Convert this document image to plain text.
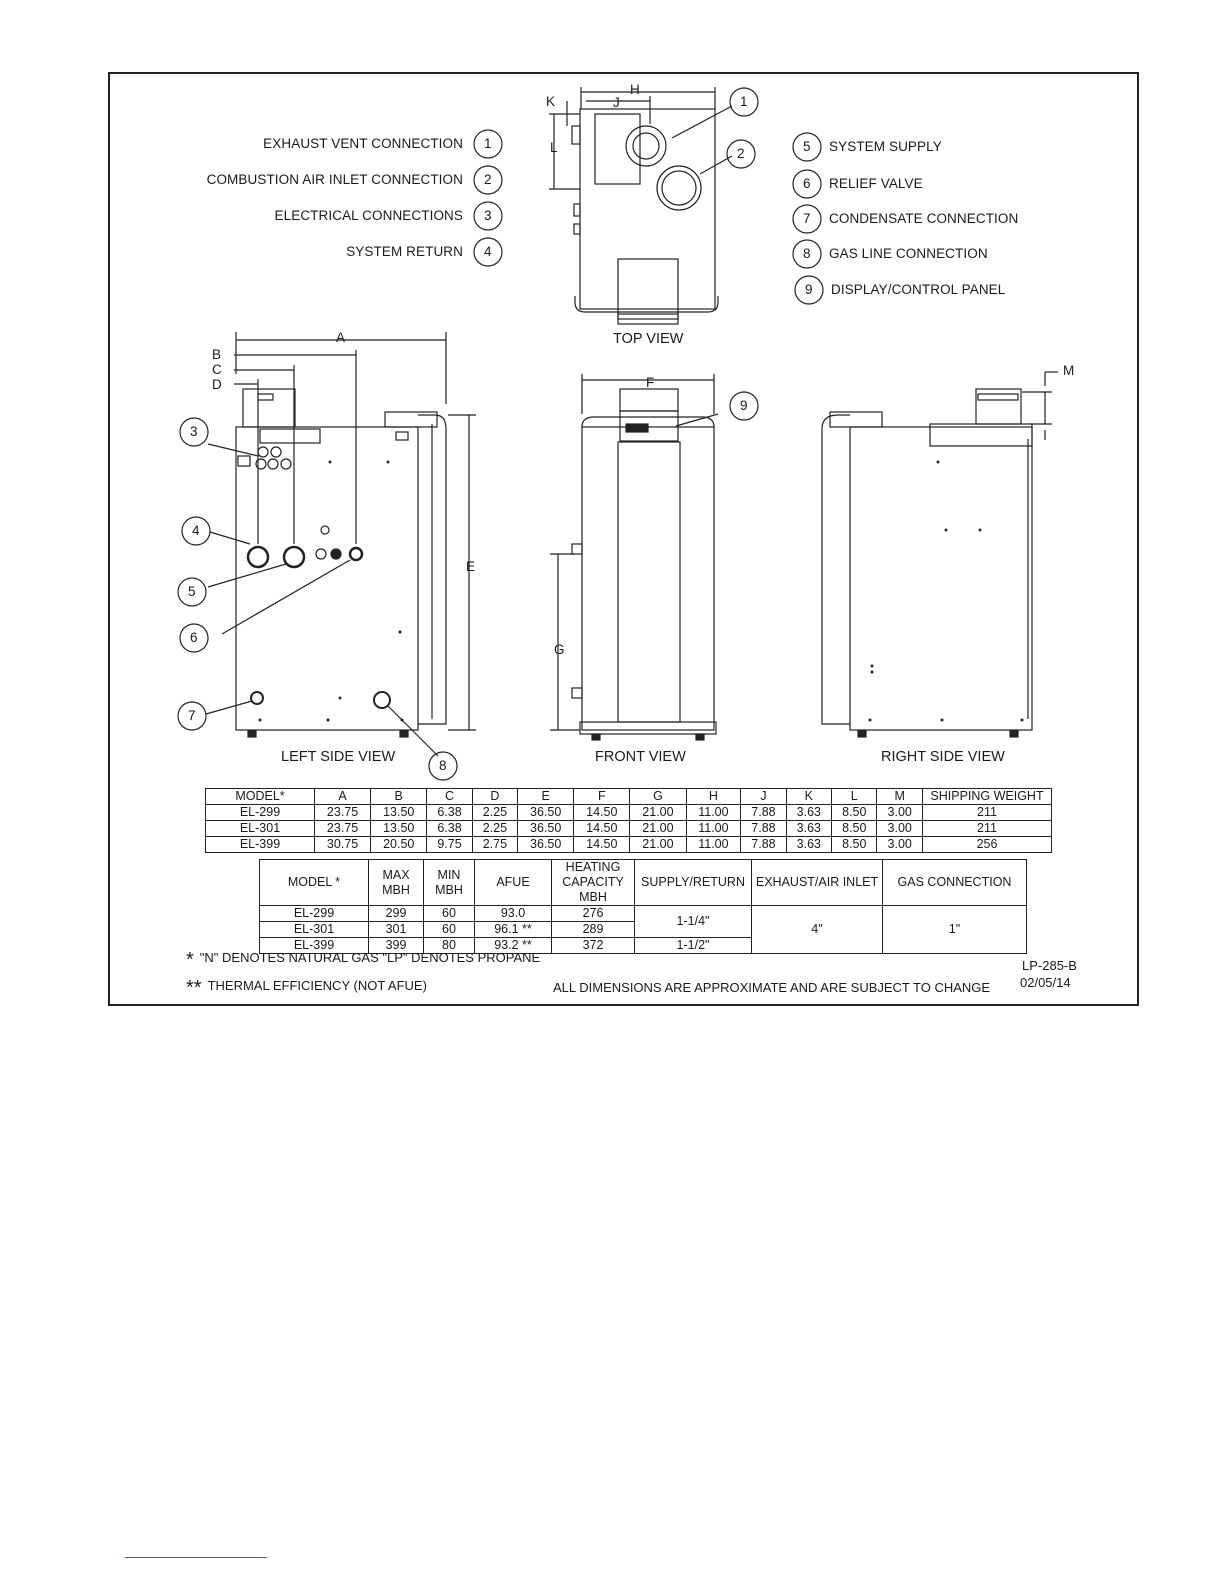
EXHAUST VENT CONNECTION
COMBUSTION AIR INLET CONNECTION
ELECTRICAL CONNECTIONS
SYSTEM RETURN
SYSTEM SUPPLY
RELIEF VALVE
CONDENSATE CONNECTION
GAS LINE CONNECTION
DISPLAY/CONTROL PANEL
1
2
3
4
5
6
7
8
9
1
2
3
4
5
6
7
8
9
A
B
C
D
E
F
G
H
J
K
L
M
TOP VIEW
LEFT SIDE VIEW	FRONT VIEW	RIGHT SIDE VIEW
MODEL*	A	B	C	D	E	F	G	H	J	K	L	M	SHIPPING WEIGHT
EL-299	23.75	13.50	6.38	2.25	36.50	14.50	21.00	11.00	7.88	3.63	8.50	3.00	211
EL-301	23.75	13.50	6.38	2.25	36.50	14.50	21.00	11.00	7.88	3.63	8.50	3.00	211
EL-399	30.75	20.50	9.75	2.75	36.50	14.50	21.00	11.00	7.88	3.63	8.50	3.00	256
MODEL *	MAX MBH	MIN MBH	AFUE	HEATING CAPACITY MBH	SUPPLY/RETURN	EXHAUST/AIR INLET	GAS CONNECTION
EL-299	299	60	93.0	276	1-1/4"	4"	1"
EL-301	301	60	96.1 **	289			
EL-399	399	80	93.2 **	372	1-1/2"		
* "N" DENOTES NATURAL GAS "LP" DENOTES PROPANE
** THERMAL EFFICIENCY (NOT AFUE)	ALL DIMENSIONS ARE APPROXIMATE AND ARE SUBJECT TO CHANGE
LP-285-B
02/05/14
